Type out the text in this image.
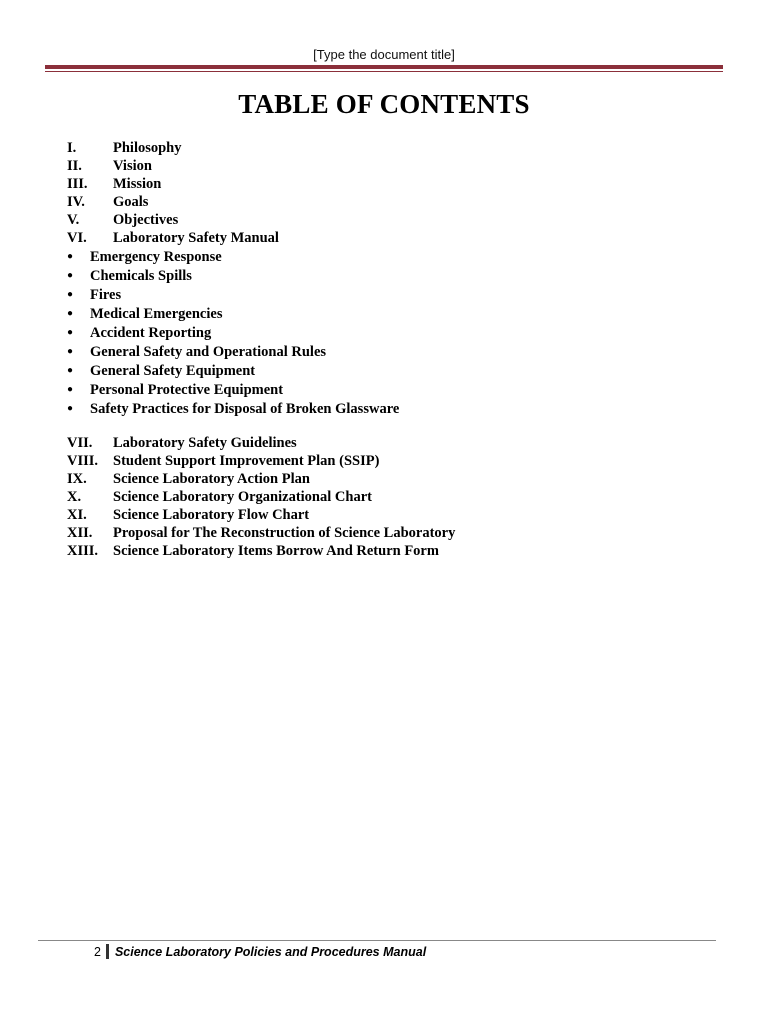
[Type the document title]
TABLE OF CONTENTS
I.	Philosophy
II.	Vision
III.	Mission
IV.	Goals
V.	Objectives
VI.	Laboratory Safety Manual
●	Emergency Response
●	Chemicals Spills
●	Fires
●	Medical Emergencies
●	Accident Reporting
●	General Safety and Operational Rules
●	General Safety Equipment
●	Personal Protective Equipment
●	Safety Practices for Disposal of Broken Glassware
VII.	Laboratory Safety Guidelines
VIII.	Student Support Improvement Plan (SSIP)
IX.	Science Laboratory Action Plan
X.	Science Laboratory Organizational Chart
XI.	Science Laboratory Flow Chart
XII.	Proposal for The Reconstruction of Science Laboratory
XIII.	Science Laboratory Items Borrow And Return Form
2 Science Laboratory Policies and Procedures Manual
